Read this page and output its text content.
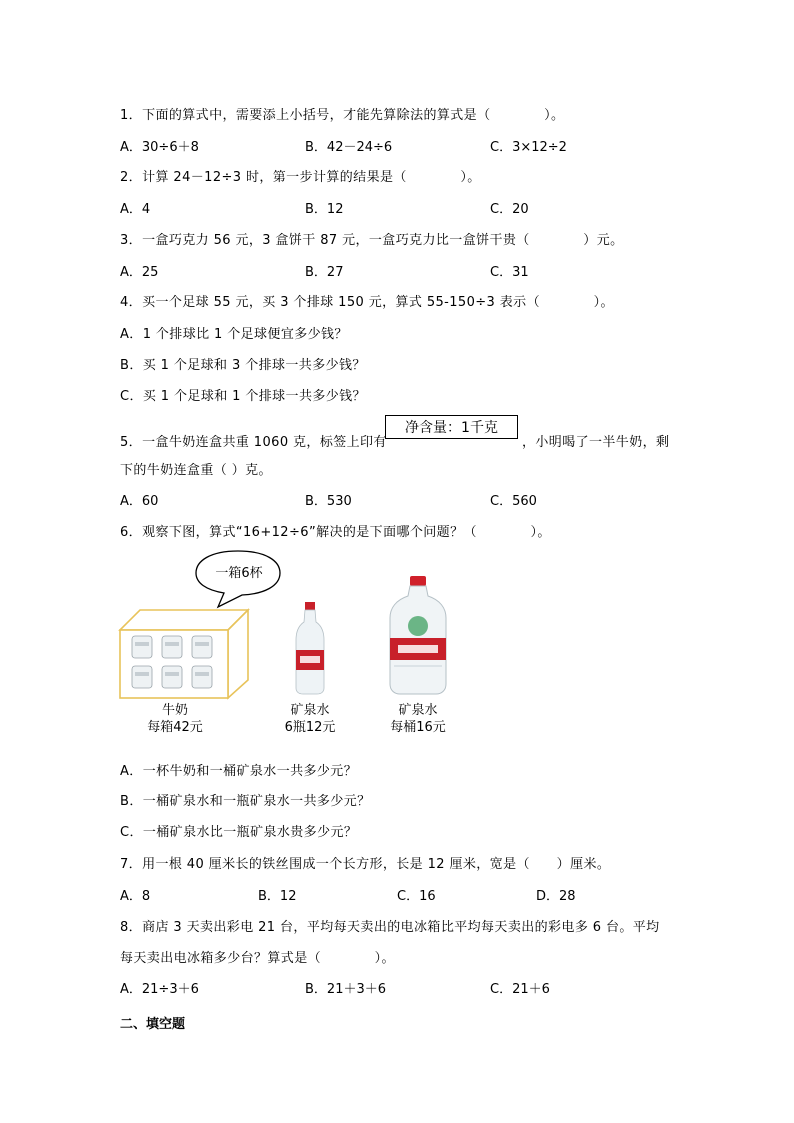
1．下面的算式中，需要添上小括号，才能先算除法的算式是（　　　　）。
A．30÷6＋8	B．42－24÷6	C．3×12÷2
2．计算 24－12÷3 时，第一步计算的结果是（　　　　）。
A．4	B．12	C．20
3．一盒巧克力 56 元，3 盒饼干 87 元，一盒巧克力比一盒饼干贵（　　　　）元。
A．25	B．27	C．31
4．买一个足球 55 元，买 3 个排球 150 元，算式 55-150÷3 表示（　　　　）。
A．1 个排球比 1 个足球便宜多少钱？
B．买 1 个足球和 3 个排球一共多少钱？
C．买 1 个足球和 1 个排球一共多少钱？
5．一盒牛奶连盒共重 1060 克，标签上印有
净含量：1千克
，小明喝了一半牛奶，剩
下的牛奶连盒重（ ）克。
A．60	B．530	C．560
6．观察下图，算式“16+12÷6”解决的是下面哪个问题？（　　　　）。
一箱6杯
牛奶
每箱42元
矿泉水
6瓶12元
矿泉水
每桶16元
A．一杯牛奶和一桶矿泉水一共多少元？
B．一桶矿泉水和一瓶矿泉水一共多少元？
C．一桶矿泉水比一瓶矿泉水贵多少元？
7．用一根 40 厘米长的铁丝围成一个长方形，长是 12 厘米，宽是（　　）厘米。
A．8	B．12	C．16	D．28
8．商店 3 天卖出彩电 21 台，平均每天卖出的电冰箱比平均每天卖出的彩电多 6 台。平均
每天卖出电冰箱多少台？算式是（　　　　）。
A．21÷3＋6	B．21＋3＋6	C．21＋6
二、填空题
